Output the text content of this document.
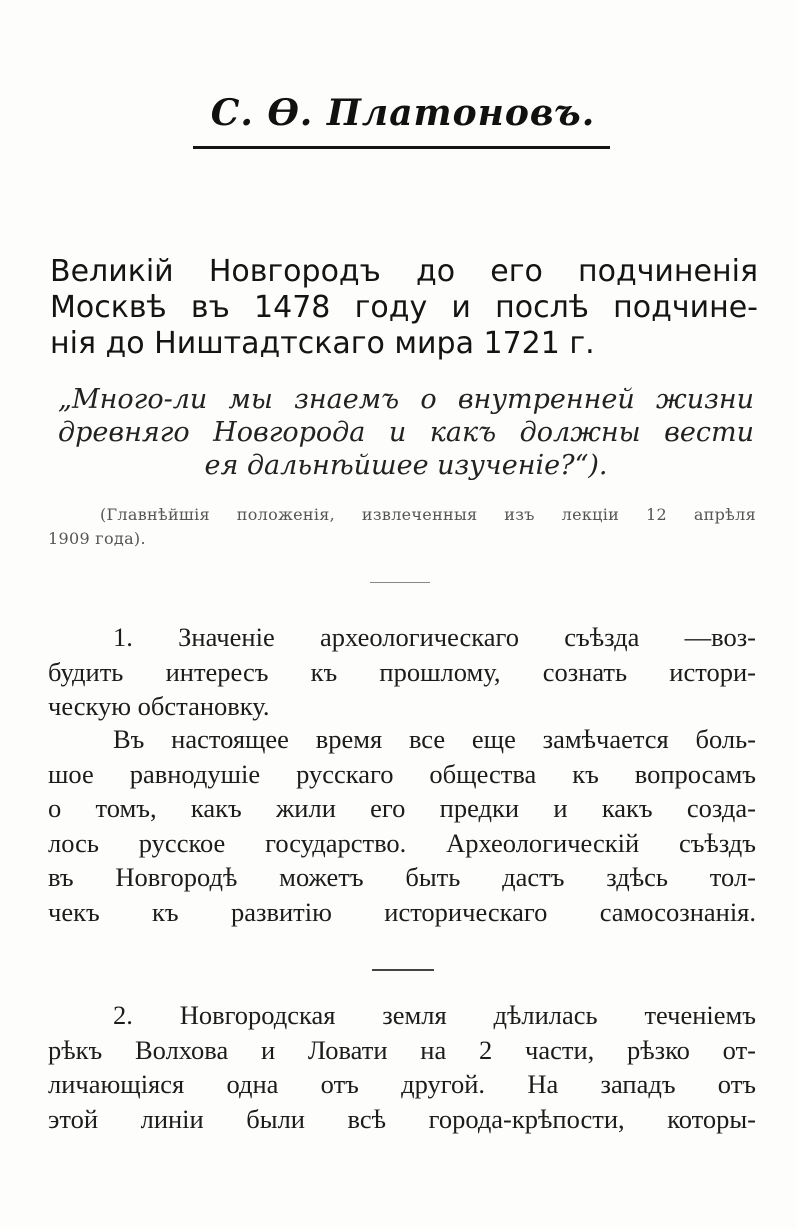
С. Ѳ. Платоновъ.
Великій Новгородъ до его подчиненія
Москвѣ въ 1478 году и послѣ подчине-
нія до Ништадтскаго мира 1721 г.
„Много-ли мы знаемъ о внутренней жизни
древняго Новгорода и какъ должны вести
ея дальнѣйшее изученіе?“).
(Главнѣйшія положенія, извлеченныя изъ лекціи 12 апрѣля
1909 года).
1. Значеніе археологическаго съѣзда —воз-
будить интересъ къ прошлому, сознать истори-
ческую обстановку.
Въ настоящее время все еще замѣчается боль-
шое равнодушіе русскаго общества къ вопросамъ
о томъ, какъ жили его предки и какъ созда-
лось русское государство. Археологическій съѣздъ
въ Новгородѣ можетъ быть дастъ здѣсь тол-
чекъ къ развитію историческаго самосознанія.
2. Новгородская земля дѣлилась теченіемъ
рѣкъ Волхова и Ловати на 2 части, рѣзко от-
личающіяся одна отъ другой. На западъ отъ
этой линіи были всѣ города-крѣпости, которы-
